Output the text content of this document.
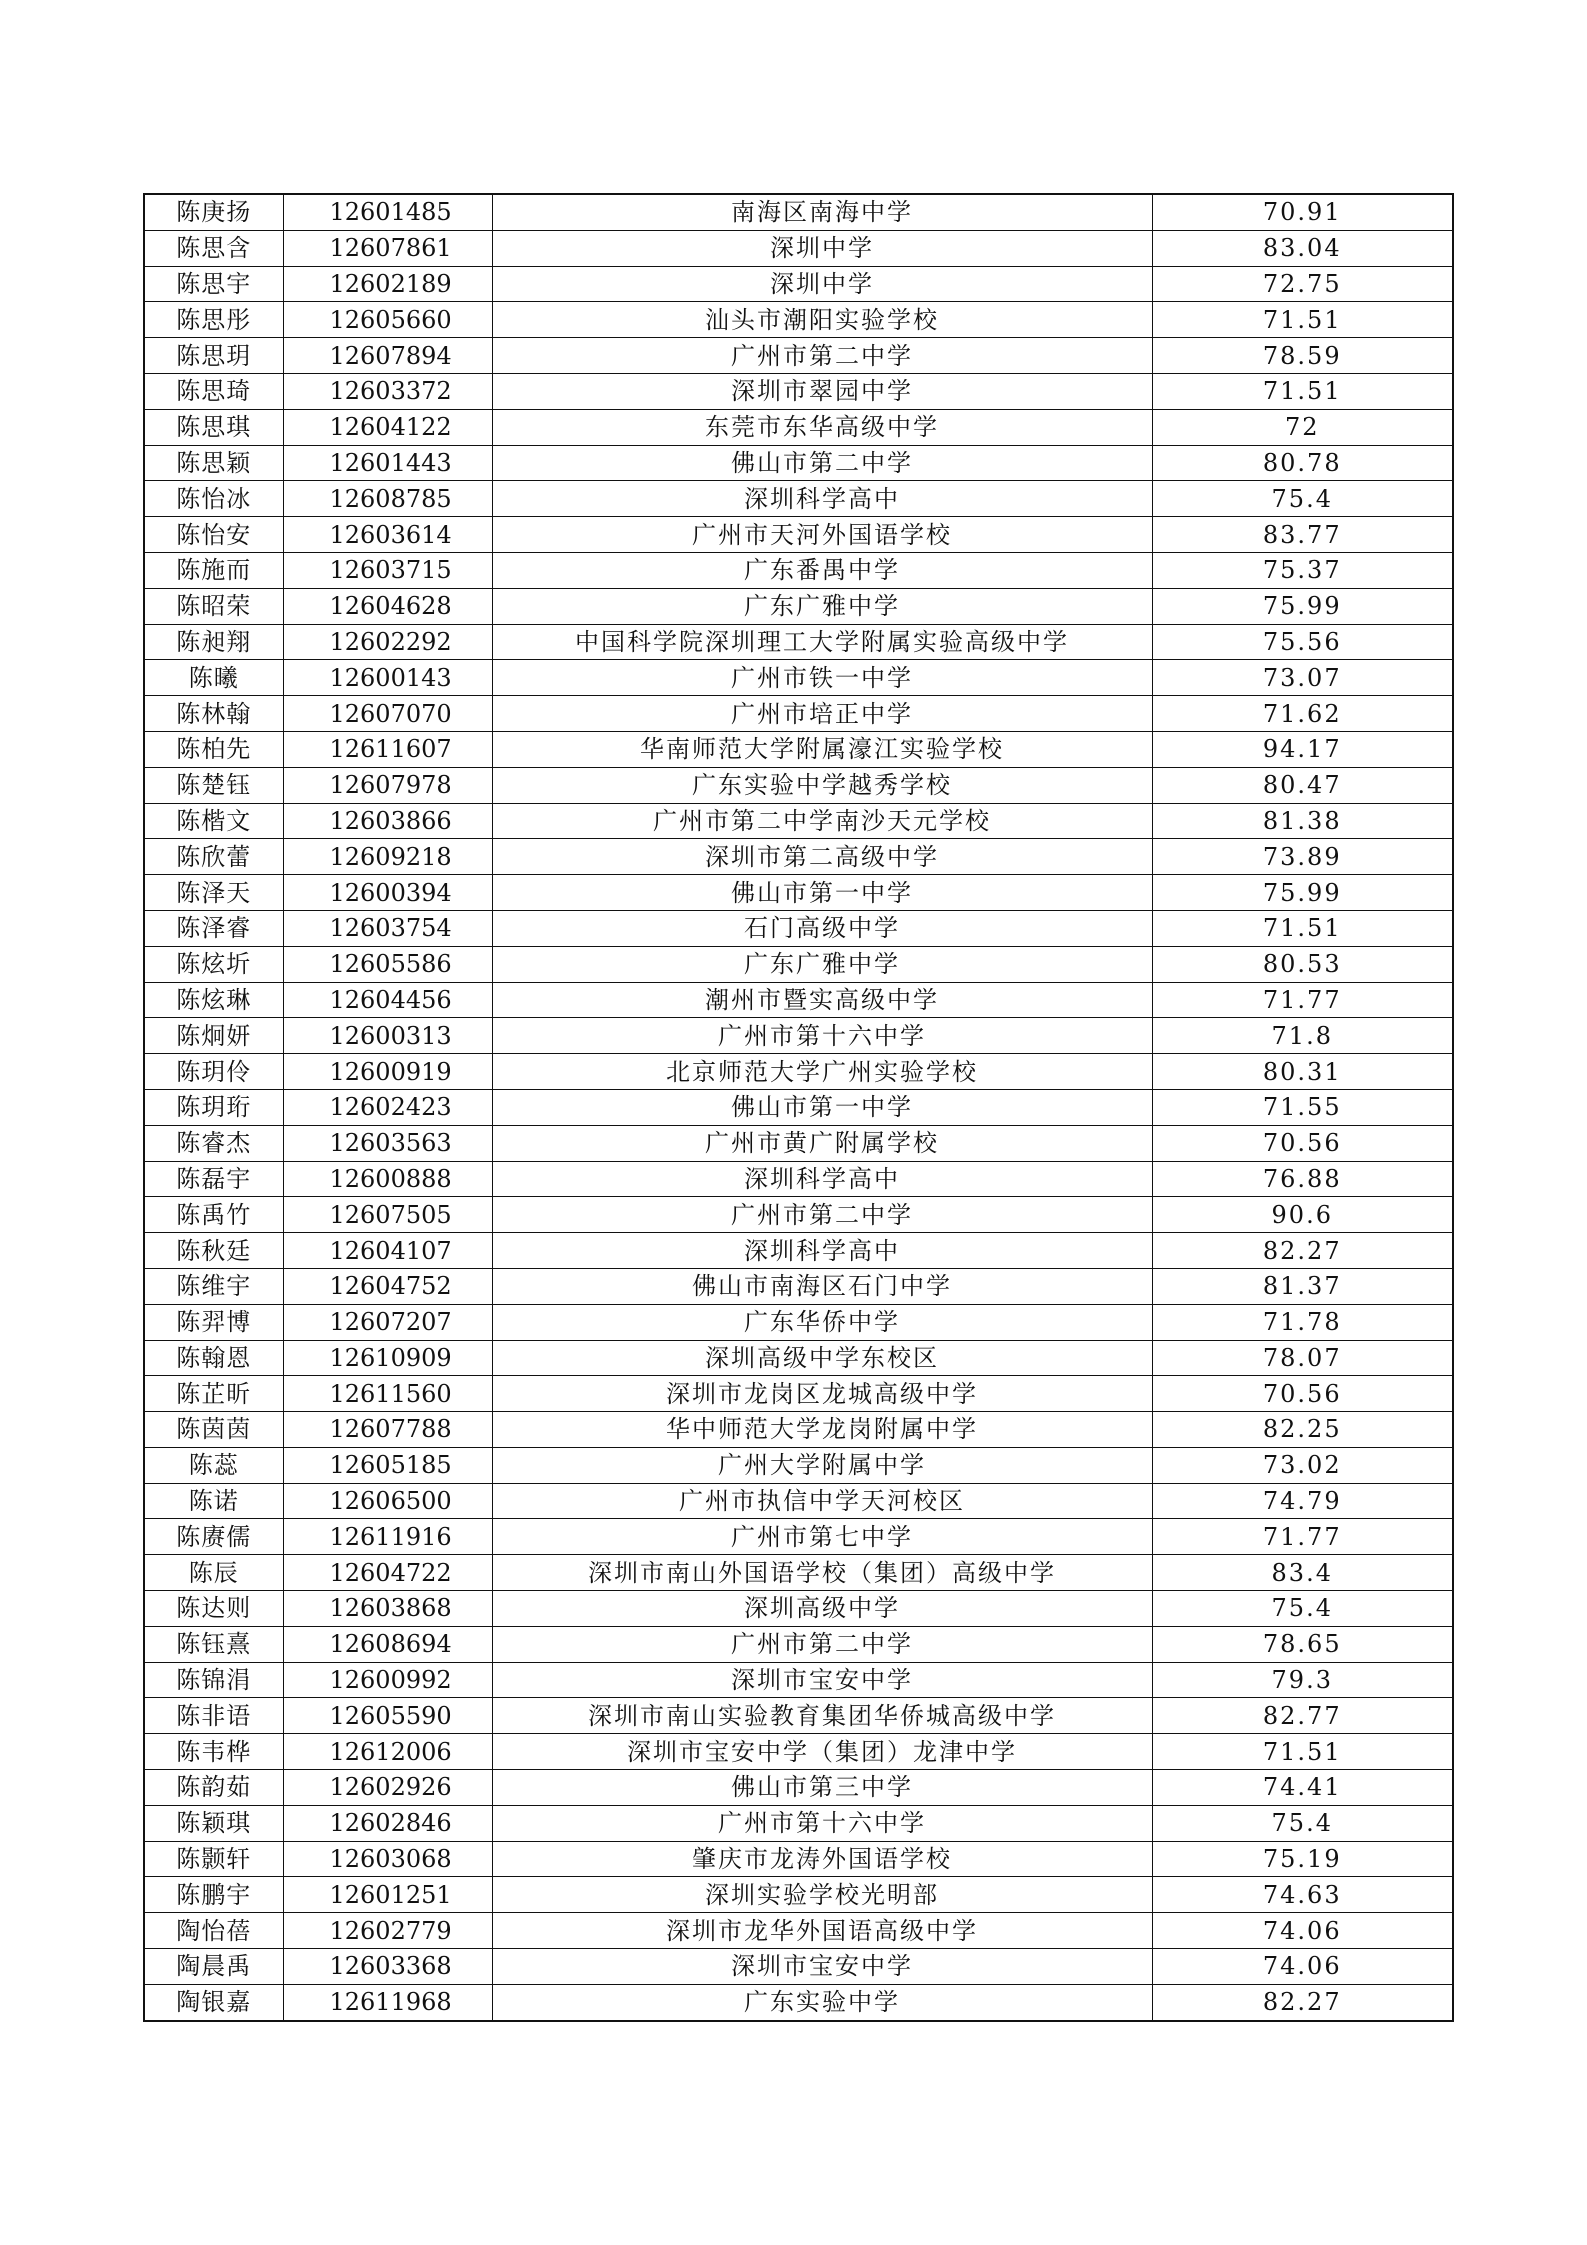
陈庚扬	12601485	南海区南海中学	70.91
陈思含	12607861	深圳中学	83.04
陈思宇	12602189	深圳中学	72.75
陈思彤	12605660	汕头市潮阳实验学校	71.51
陈思玥	12607894	广州市第二中学	78.59
陈思琦	12603372	深圳市翠园中学	71.51
陈思琪	12604122	东莞市东华高级中学	72
陈思颖	12601443	佛山市第二中学	80.78
陈怡冰	12608785	深圳科学高中	75.4
陈怡安	12603614	广州市天河外国语学校	83.77
陈施而	12603715	广东番禺中学	75.37
陈昭荣	12604628	广东广雅中学	75.99
陈昶翔	12602292	中国科学院深圳理工大学附属实验高级中学	75.56
陈曦	12600143	广州市铁一中学	73.07
陈林翰	12607070	广州市培正中学	71.62
陈柏先	12611607	华南师范大学附属濠江实验学校	94.17
陈楚钰	12607978	广东实验中学越秀学校	80.47
陈楷文	12603866	广州市第二中学南沙天元学校	81.38
陈欣蕾	12609218	深圳市第二高级中学	73.89
陈泽天	12600394	佛山市第一中学	75.99
陈泽睿	12603754	石门高级中学	71.51
陈炫圻	12605586	广东广雅中学	80.53
陈炫琳	12604456	潮州市暨实高级中学	71.77
陈炯妍	12600313	广州市第十六中学	71.8
陈玥伶	12600919	北京师范大学广州实验学校	80.31
陈玥珩	12602423	佛山市第一中学	71.55
陈睿杰	12603563	广州市黄广附属学校	70.56
陈磊宇	12600888	深圳科学高中	76.88
陈禹竹	12607505	广州市第二中学	90.6
陈秋廷	12604107	深圳科学高中	82.27
陈维宇	12604752	佛山市南海区石门中学	81.37
陈羿博	12607207	广东华侨中学	71.78
陈翰恩	12610909	深圳高级中学东校区	78.07
陈芷昕	12611560	深圳市龙岗区龙城高级中学	70.56
陈茵茵	12607788	华中师范大学龙岗附属中学	82.25
陈蕊	12605185	广州大学附属中学	73.02
陈诺	12606500	广州市执信中学天河校区	74.79
陈赓儒	12611916	广州市第七中学	71.77
陈辰	12604722	深圳市南山外国语学校（集团）高级中学	83.4
陈达则	12603868	深圳高级中学	75.4
陈钰熹	12608694	广州市第二中学	78.65
陈锦涓	12600992	深圳市宝安中学	79.3
陈非语	12605590	深圳市南山实验教育集团华侨城高级中学	82.77
陈韦桦	12612006	深圳市宝安中学（集团）龙津中学	71.51
陈韵茹	12602926	佛山市第三中学	74.41
陈颖琪	12602846	广州市第十六中学	75.4
陈颢轩	12603068	肇庆市龙涛外国语学校	75.19
陈鹏宇	12601251	深圳实验学校光明部	74.63
陶怡蓓	12602779	深圳市龙华外国语高级中学	74.06
陶晨禹	12603368	深圳市宝安中学	74.06
陶银嘉	12611968	广东实验中学	82.27
